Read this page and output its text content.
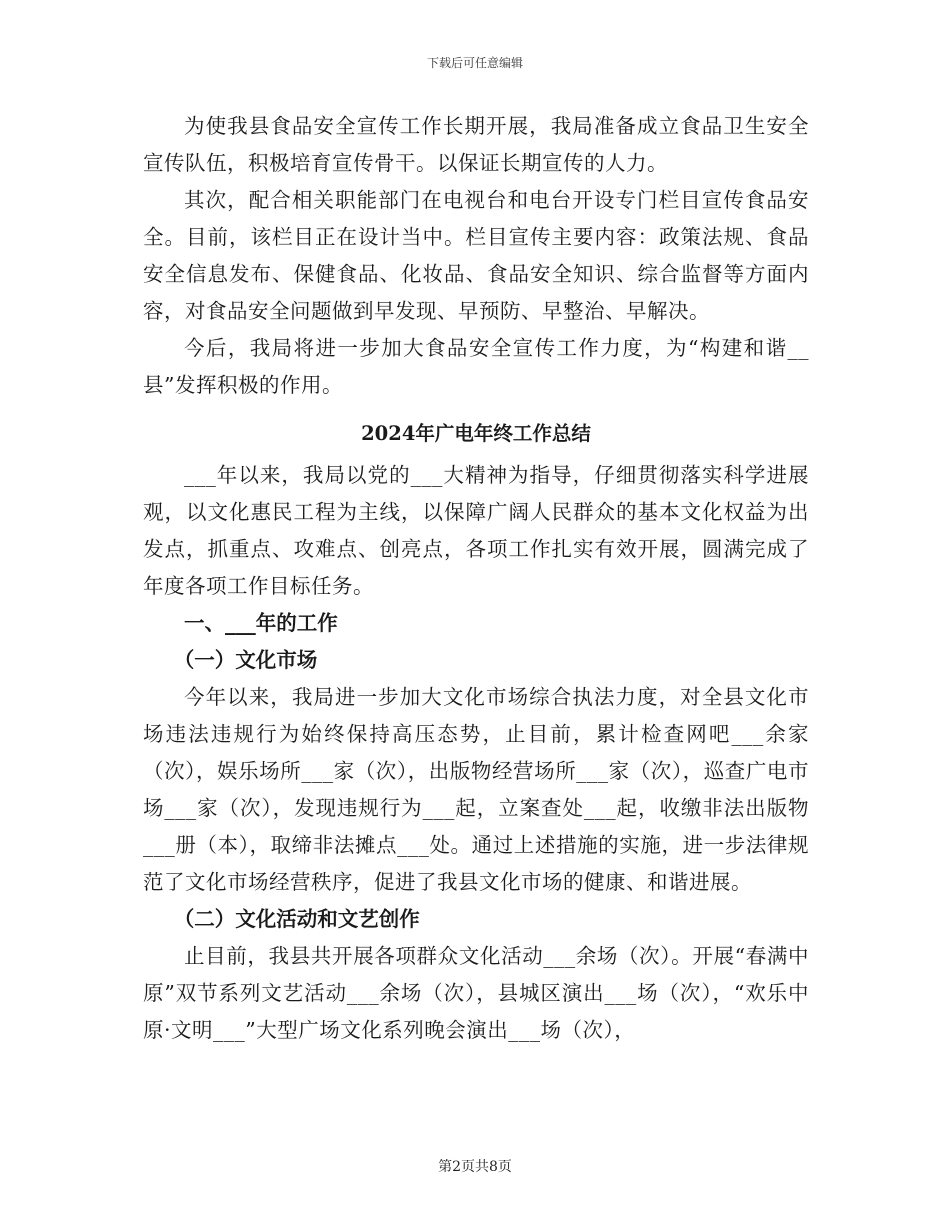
下载后可任意编辑

为使我县食品安全宣传工作长期开展，我局准备成立食品卫生安全宣传队伍，积极培育宣传骨干。以保证长期宣传的人力。

其次，配合相关职能部门在电视台和电台开设专门栏目宣传食品安全。目前，该栏目正在设计当中。栏目宣传主要内容：政策法规、食品安全信息发布、保健食品、化妆品、食品安全知识、综合监督等方面内容，对食品安全问题做到早发现、早预防、早整治、早解决。

今后，我局将进一步加大食品安全宣传工作力度，为“构建和谐__县”发挥积极的作用。

2024年广电年终工作总结

___年以来，我局以党的___大精神为指导，仔细贯彻落实科学进展观，以文化惠民工程为主线，以保障广阔人民群众的基本文化权益为出发点，抓重点、攻难点、创亮点，各项工作扎实有效开展，圆满完成了年度各项工作目标任务。

一、___年的工作
（一）文化市场

今年以来，我局进一步加大文化市场综合执法力度，对全县文化市场违法违规行为始终保持高压态势，止目前，累计检查网吧___余家（次），娱乐场所___家（次），出版物经营场所___家（次），巡查广电市场___家（次），发现违规行为___起，立案查处___起，收缴非法出版物___册（本），取缔非法摊点___处。通过上述措施的实施，进一步法律规范了文化市场经营秩序，促进了我县文化市场的健康、和谐进展。

（二）文化活动和文艺创作

止目前，我县共开展各项群众文化活动___余场（次）。开展“春满中原”双节系列文艺活动___余场（次），县城区演出___场（次），“欢乐中原·文明___”大型广场文化系列晚会演出___场（次），

第2页共8页
